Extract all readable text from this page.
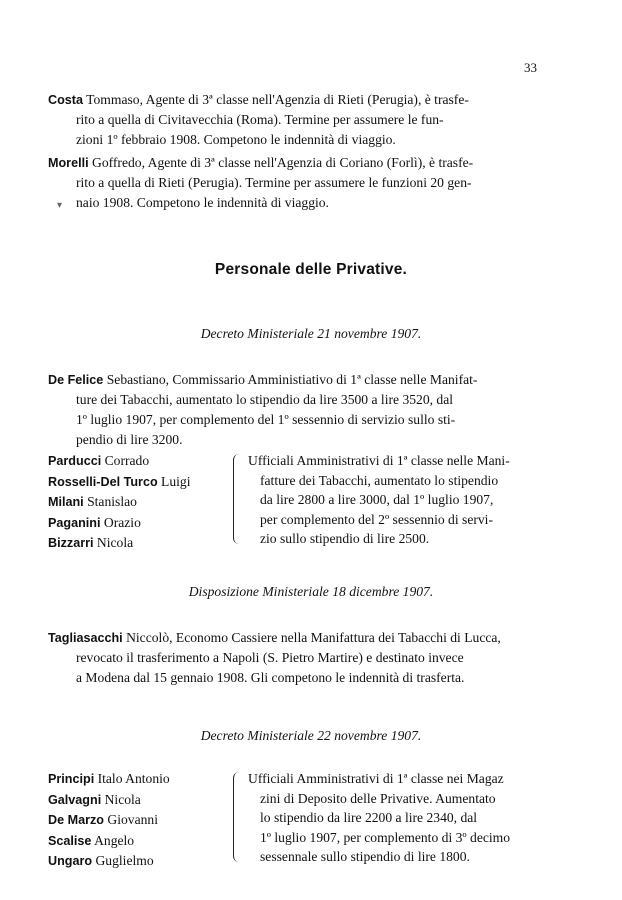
33
Costa Tommaso, Agente di 3ª classe nell'Agenzia di Rieti (Perugia), è trasfe-
rito a quella di Civitavecchia (Roma). Termine per assumere le fun-
zioni 1º febbraio 1908. Competono le indennità di viaggio.
Morelli Goffredo, Agente di 3ª classe nell'Agenzia di Coriano (Forlì), è trasfe-
rito a quella di Rieti (Perugia). Termine per assumere le funzioni 20 gen-
naio 1908. Competono le indennità di viaggio.
▾
Personale delle Privative.
Decreto Ministeriale 21 novembre 1907.
De Felice Sebastiano, Commissario Amministiativo di 1ª classe nelle Manifat-
ture dei Tabacchi, aumentato lo stipendio da lire 3500 a lire 3520, dal
1º luglio 1907, per complemento del 1º sessennio di servizio sullo sti-
pendio di lire 3200.
Parducci Corrado
Rosselli-Del Turco Luigi
Milani Stanislao
Paganini Orazio
Bizzarri Nicola
Ufficiali Amministrativi di 1ª classe nelle Mani-
fatture dei Tabacchi, aumentato lo stipendio
da lire 2800 a lire 3000, dal 1º luglio 1907,
per complemento del 2º sessennio di servi-
zio sullo stipendio di lire 2500.
Disposizione Ministeriale 18 dicembre 1907.
Tagliasacchi Niccolò, Economo Cassiere nella Manifattura dei Tabacchi di Lucca,
revocato il trasferimento a Napoli (S. Pietro Martire) e destinato invece
a Modena dal 15 gennaio 1908. Gli competono le indennità di trasferta.
Decreto Ministeriale 22 novembre 1907.
Principi Italo Antonio
Galvagni Nicola
De Marzo Giovanni
Scalise Angelo
Ungaro Guglielmo
Ufficiali Amministrativi di 1ª classe nei Magaz
zini di Deposito delle Privative. Aumentato
lo stipendio da lire 2200 a lire 2340, dal
1º luglio 1907, per complemento di 3º decimo
sessennale sullo stipendio di lire 1800.
